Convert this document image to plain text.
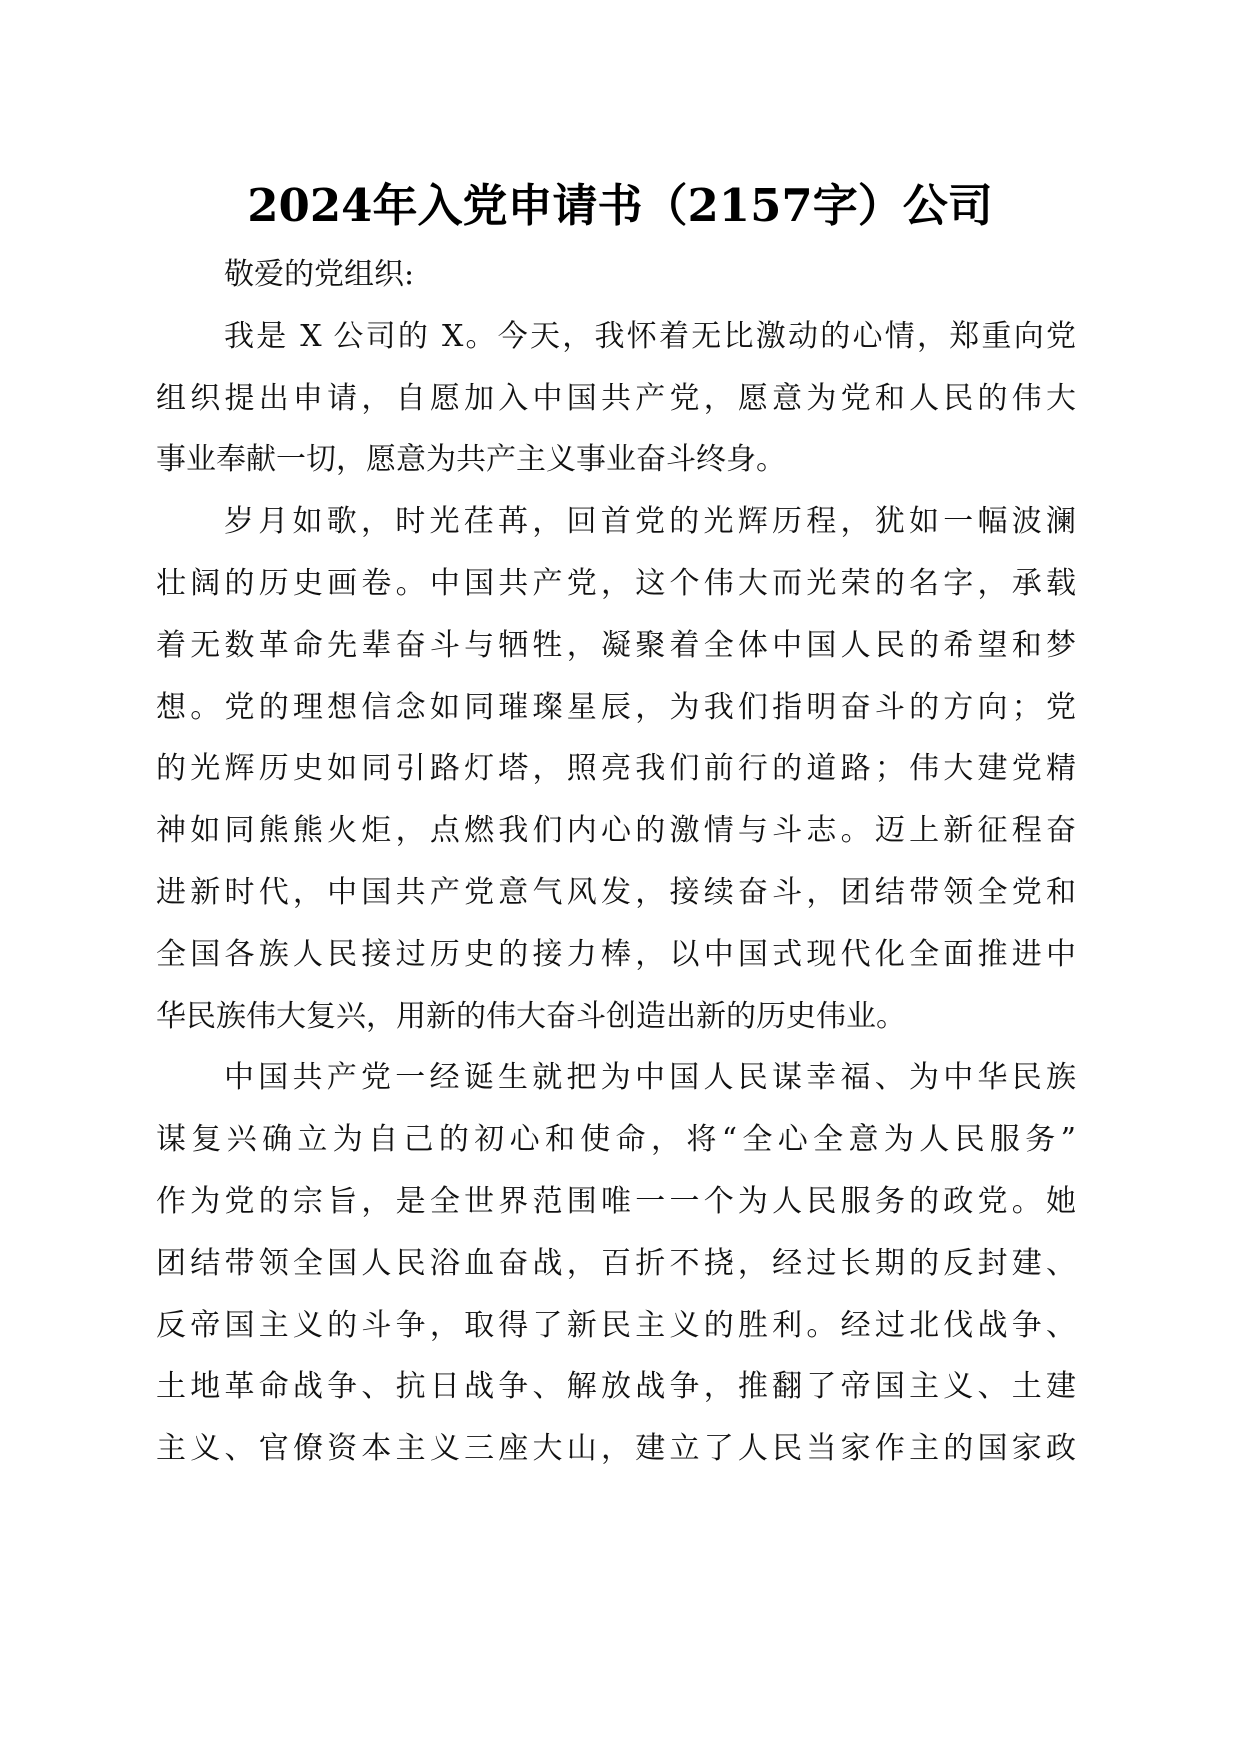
2024年入党申请书（2157字）公司

敬爱的党组织:

我是 X 公司的 X。今天，我怀着无比激动的心情，郑重向党
组织提出申请，自愿加入中国共产党，愿意为党和人民的伟大
事业奉献一切，愿意为共产主义事业奋斗终身。

岁月如歌，时光荏苒，回首党的光辉历程，犹如一幅波澜
壮阔的历史画卷。中国共产党，这个伟大而光荣的名字，承载
着无数革命先辈奋斗与牺牲，凝聚着全体中国人民的希望和梦
想。党的理想信念如同璀璨星辰，为我们指明奋斗的方向；党
的光辉历史如同引路灯塔，照亮我们前行的道路；伟大建党精
神如同熊熊火炬，点燃我们内心的激情与斗志。迈上新征程奋
进新时代，中国共产党意气风发，接续奋斗，团结带领全党和
全国各族人民接过历史的接力棒，以中国式现代化全面推进中
华民族伟大复兴，用新的伟大奋斗创造出新的历史伟业。

中国共产党一经诞生就把为中国人民谋幸福、为中华民族
谋复兴确立为自己的初心和使命，将“全心全意为人民服务”
作为党的宗旨，是全世界范围唯一一个为人民服务的政党。她
团结带领全国人民浴血奋战，百折不挠，经过长期的反封建、
反帝国主义的斗争，取得了新民主义的胜利。经过北伐战争、
土地革命战争、抗日战争、解放战争，推翻了帝国主义、土建
主义、官僚资本主义三座大山，建立了人民当家作主的国家政
